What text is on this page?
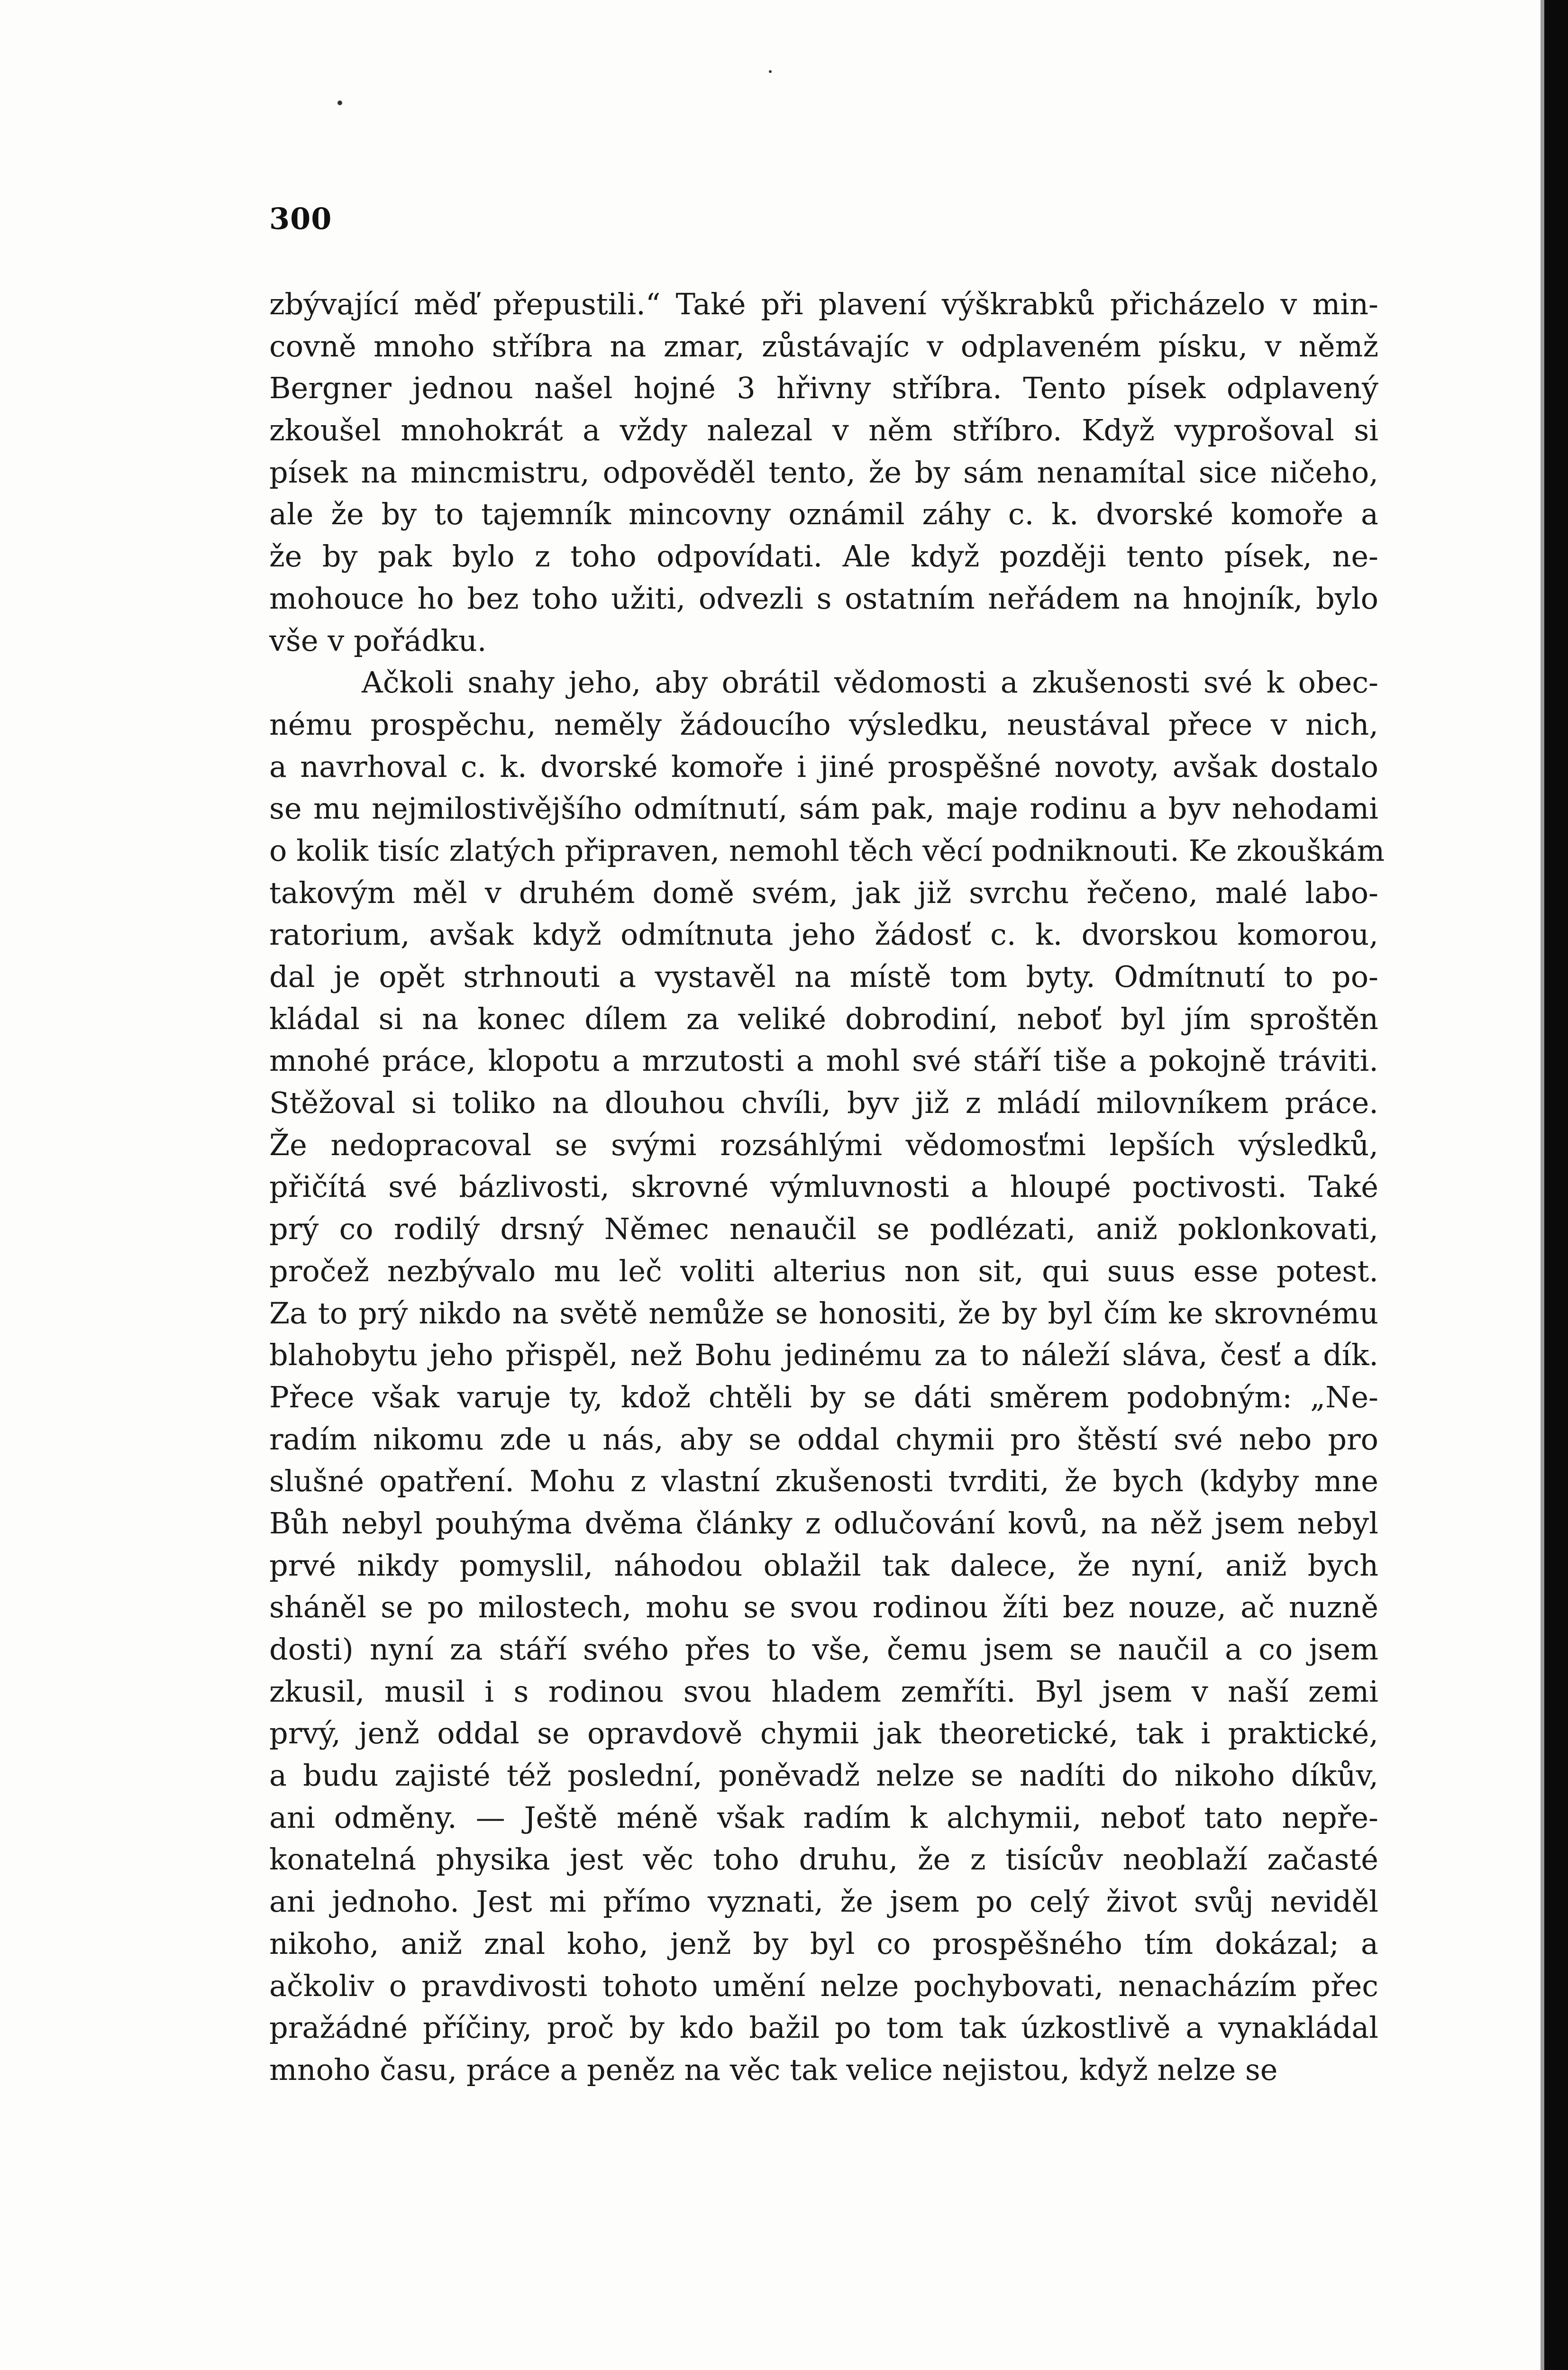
300
zbývající měď přepustili.“ Také při plavení výškrabků přicházelo v min-
covně mnoho stříbra na zmar, zůstávajíc v odplaveném písku, v němž
Bergner jednou našel hojné 3 hřivny stříbra. Tento písek odplavený
zkoušel mnohokrát a vždy nalezal v něm stříbro. Když vyprošoval si
písek na mincmistru, odpověděl tento, že by sám nenamítal sice ničeho,
ale že by to tajemník mincovny oznámil záhy c. k. dvorské komoře a
že by pak bylo z toho odpovídati. Ale když později tento písek, ne-
mohouce ho bez toho užiti, odvezli s ostatním neřádem na hnojník, bylo
vše v pořádku.
Ačkoli snahy jeho, aby obrátil vědomosti a zkušenosti své k obec-
nému prospěchu, neměly žádoucího výsledku, neustával přece v nich,
a navrhoval c. k. dvorské komoře i jiné prospěšné novoty, avšak dostalo
se mu nejmilostivějšího odmítnutí, sám pak, maje rodinu a byv nehodami
o kolik tisíc zlatých připraven, nemohl těch věcí podniknouti. Ke zkouškám
takovým měl v druhém domě svém, jak již svrchu řečeno, malé labo-
ratorium, avšak když odmítnuta jeho žádosť c. k. dvorskou komorou,
dal je opět strhnouti a vystavěl na místě tom byty. Odmítnutí to po-
kládal si na konec dílem za veliké dobrodiní, neboť byl jím sproštěn
mnohé práce, klopotu a mrzutosti a mohl své stáří tiše a pokojně tráviti.
Stěžoval si toliko na dlouhou chvíli, byv již z mládí milovníkem práce.
Že nedopracoval se svými rozsáhlými vědomosťmi lepších výsledků,
přičítá své bázlivosti, skrovné výmluvnosti a hloupé poctivosti. Také
prý co rodilý drsný Němec nenaučil se podlézati, aniž poklonkovati,
pročež nezbývalo mu leč voliti alterius non sit, qui suus esse potest.
Za to prý nikdo na světě nemůže se honositi, že by byl čím ke skrovnému
blahobytu jeho přispěl, než Bohu jedinému za to náleží sláva, česť a dík.
Přece však varuje ty, kdož chtěli by se dáti směrem podobným: „Ne-
radím nikomu zde u nás, aby se oddal chymii pro štěstí své nebo pro
slušné opatření. Mohu z vlastní zkušenosti tvrditi, že bych (kdyby mne
Bůh nebyl pouhýma dvěma články z odlučování kovů, na něž jsem nebyl
prvé nikdy pomyslil, náhodou oblažil tak dalece, že nyní, aniž bych
sháněl se po milostech, mohu se svou rodinou žíti bez nouze, ač nuzně
dosti) nyní za stáří svého přes to vše, čemu jsem se naučil a co jsem
zkusil, musil i s rodinou svou hladem zemříti. Byl jsem v naší zemi
prvý, jenž oddal se opravdově chymii jak theoretické, tak i praktické,
a budu zajisté též poslední, poněvadž nelze se nadíti do nikoho díkův,
ani odměny. — Ještě méně však radím k alchymii, neboť tato nepře-
konatelná physika jest věc toho druhu, že z tisícův neoblaží začasté
ani jednoho. Jest mi přímo vyznati, že jsem po celý život svůj neviděl
nikoho, aniž znal koho, jenž by byl co prospěšného tím dokázal; a
ačkoliv o pravdivosti tohoto umění nelze pochybovati, nenacházím přec
pražádné příčiny, proč by kdo bažil po tom tak úzkostlivě a vynakládal
mnoho času, práce a peněz na věc tak velice nejistou, když nelze se
